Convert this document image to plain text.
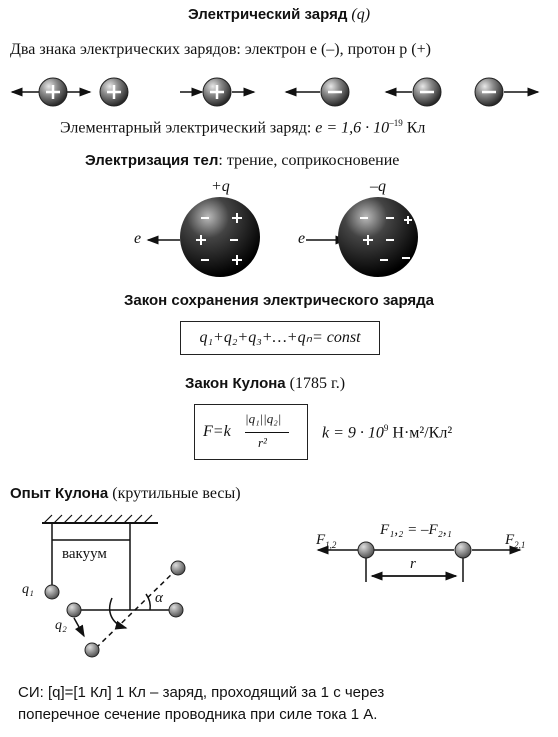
Электрический заряд (q)
Два знака электрических зарядов: электрон e (–), протон p (+)
Элементарный электрический заряд: $e = 1,6 \cdot 10^{-19}$ Кл
Электризация тел: трение, соприкосновение
+q	–q
e	e
Закон сохранения электрического заряда
q₁+q₂+q₃+…+qₙ= const
Закон Кулона (1785 г.)
F=k
|q₁||q₂|
r²
$k = 9 \cdot 10^9$ Н·м²/Кл²
Опыт Кулона (крутильные весы)
вакуум
q₁
q₂
α
$F_{1,2}$
F₁,₂ = –F₂,₁
$F_{2,1}$
r
СИ: [q]=[1 Кл] 1 Кл – заряд, проходящий за 1 с через
поперечное сечение проводника при силе тока 1 А.
